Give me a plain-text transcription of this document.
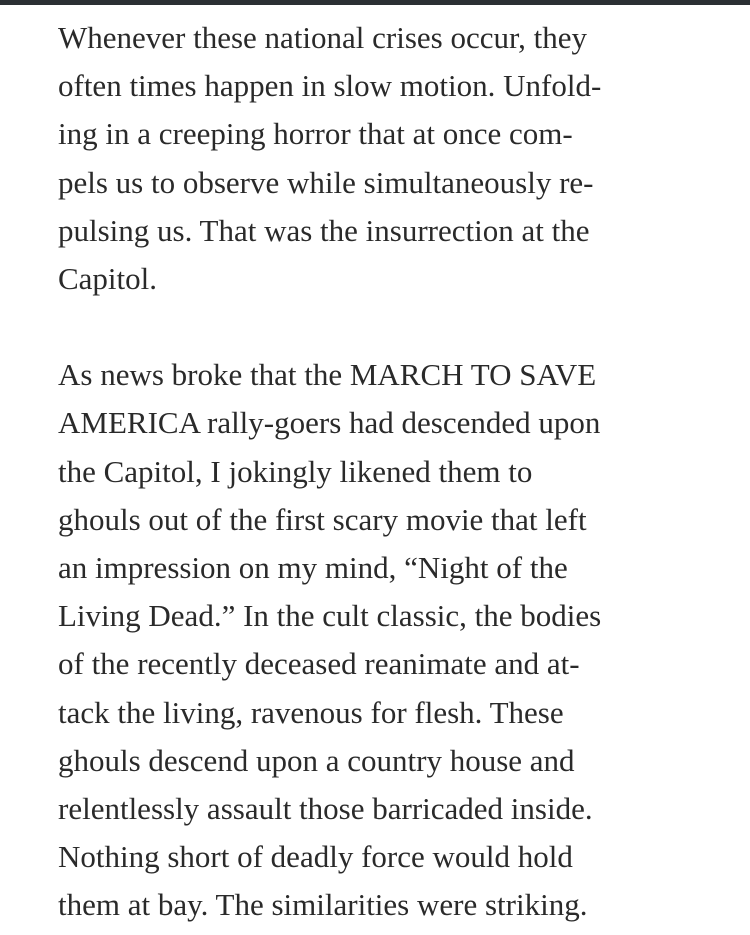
Whenever these national crises occur, they
often times happen in slow motion. Unfold-
ing in a creeping horror that at once com-
pels us to observe while simultaneously re-
pulsing us. That was the insurrection at the
Capitol.

As news broke that the MARCH TO SAVE
AMERICA rally-goers had descended upon
the Capitol, I jokingly likened them to
ghouls out of the first scary movie that left
an impression on my mind, “Night of the
Living Dead.” In the cult classic, the bodies
of the recently deceased reanimate and at-
tack the living, ravenous for flesh. These
ghouls descend upon a country house and
relentlessly assault those barricaded inside.
Nothing short of deadly force would hold
them at bay. The similarities were striking.
